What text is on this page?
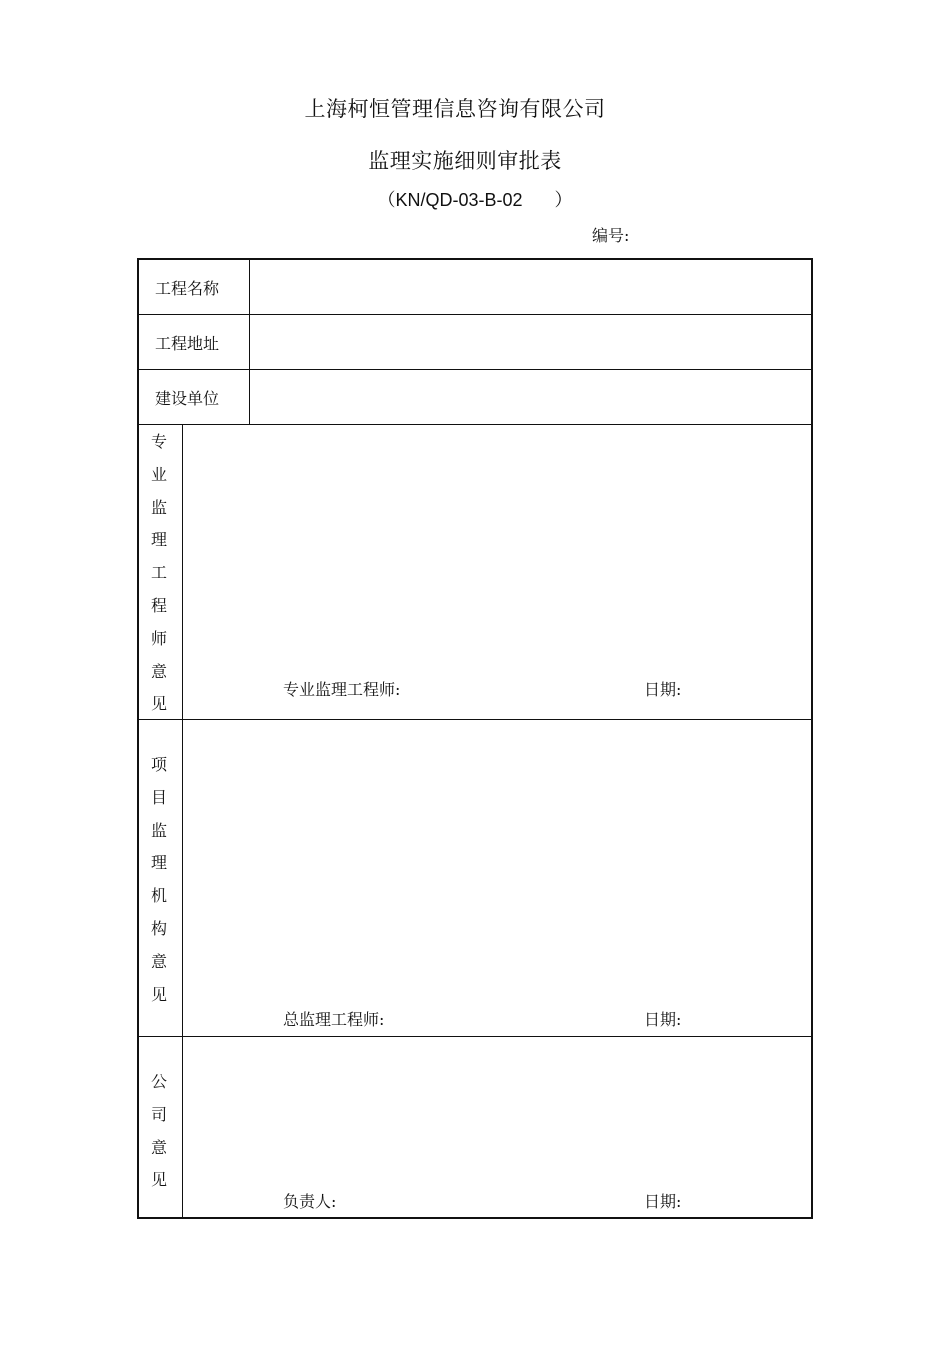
上海柯恒管理信息咨询有限公司
监理实施细则审批表
（KN/QD-03-B-02 ）
编号:
工程名称
工程地址
建设单位
专
业
监
理
工
程
师
意
见
专业监理工程师:	日期:
项
目
监
理
机
构
意
见
总监理工程师:	日期:
公
司
意
见
负责人:	日期:
